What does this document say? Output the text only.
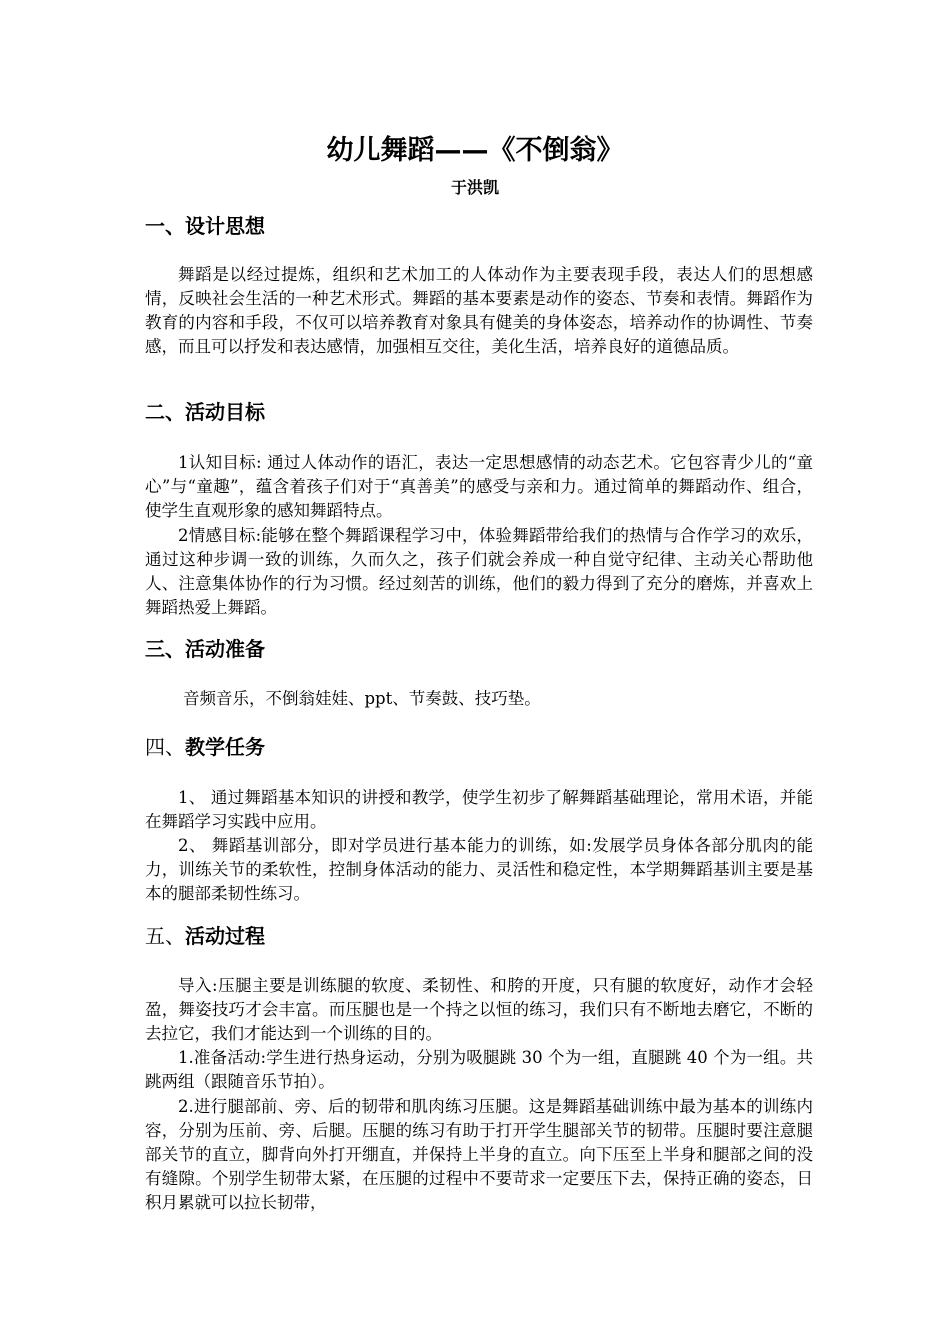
幼儿舞蹈——《不倒翁》
于洪凯
一、设计思想

舞蹈是以经过提炼，组织和艺术加工的人体动作为主要表现手段，表达人们的思想感情，反映社会生活的一种艺术形式。舞蹈的基本要素是动作的姿态、节奏和表情。舞蹈作为教育的内容和手段，不仅可以培养教育对象具有健美的身体姿态，培养动作的协调性、节奏感，而且可以抒发和表达感情，加强相互交往，美化生活，培养良好的道德品质。

二、活动目标

1认知目标: 通过人体动作的语汇，表达一定思想感情的动态艺术。它包容青少儿的“童心”与“童趣”，蕴含着孩子们对于“真善美”的感受与亲和力。通过简单的舞蹈动作、组合，使学生直观形象的感知舞蹈特点。

2情感目标:能够在整个舞蹈课程学习中，体验舞蹈带给我们的热情与合作学习的欢乐，通过这种步调一致的训练，久而久之，孩子们就会养成一种自觉守纪律、主动关心帮助他人、注意集体协作的行为习惯。经过刻苦的训练，他们的毅力得到了充分的磨炼，并喜欢上舞蹈热爱上舞蹈。

三、活动准备

音频音乐，不倒翁娃娃、ppt、节奏鼓、技巧垫。

四、教学任务

1、 通过舞蹈基本知识的讲授和教学，使学生初步了解舞蹈基础理论，常用术语，并能在舞蹈学习实践中应用。

2、 舞蹈基训部分，即对学员进行基本能力的训练，如:发展学员身体各部分肌肉的能力，训练关节的柔软性，控制身体活动的能力、灵活性和稳定性，本学期舞蹈基训主要是基本的腿部柔韧性练习。

五、活动过程

导入:压腿主要是训练腿的软度、柔韧性、和胯的开度，只有腿的软度好，动作才会轻盈，舞姿技巧才会丰富。而压腿也是一个持之以恒的练习，我们只有不断地去磨它，不断的去拉它，我们才能达到一个训练的目的。

1.准备活动:学生进行热身运动，分别为吸腿跳 30 个为一组，直腿跳 40 个为一组。共跳两组（跟随音乐节拍）。

2.进行腿部前、旁、后的韧带和肌肉练习压腿。这是舞蹈基础训练中最为基本的训练内容，分别为压前、旁、后腿。压腿的练习有助于打开学生腿部关节的韧带。压腿时要注意腿部关节的直立，脚背向外打开绷直，并保持上半身的直立。向下压至上半身和腿部之间的没有缝隙。个别学生韧带太紧，在压腿的过程中不要苛求一定要压下去，保持正确的姿态，日积月累就可以拉长韧带，
